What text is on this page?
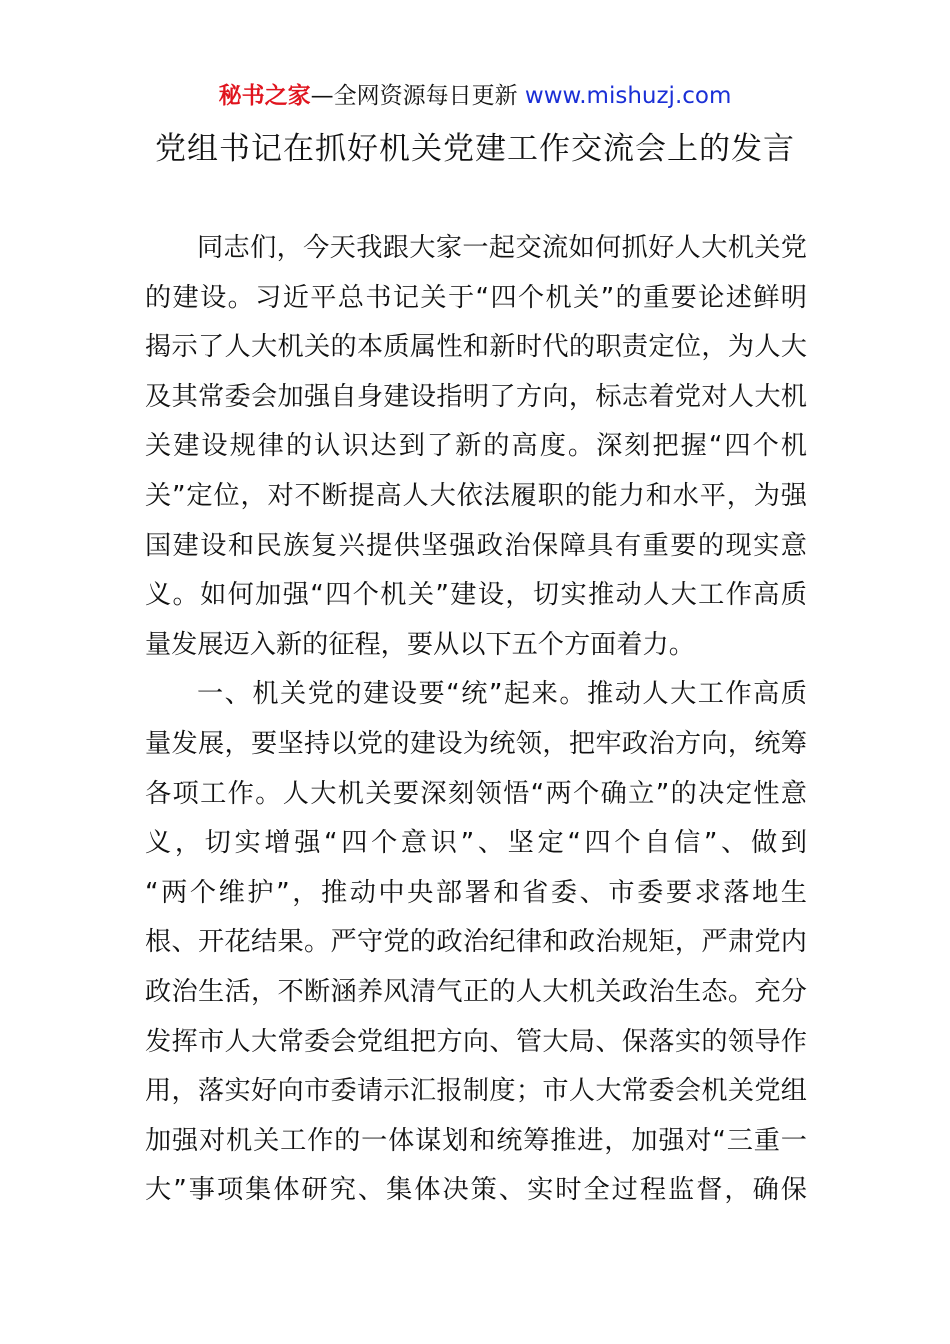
秘书之家—全网资源每日更新 www.mishuzj.com
党组书记在抓好机关党建工作交流会上的发言
同志们，今天我跟大家一起交流如何抓好人大机关党
的建设。习近平总书记关于“四个机关”的重要论述鲜明
揭示了人大机关的本质属性和新时代的职责定位，为人大
及其常委会加强自身建设指明了方向，标志着党对人大机
关建设规律的认识达到了新的高度。深刻把握“四个机
关”定位，对不断提高人大依法履职的能力和水平，为强
国建设和民族复兴提供坚强政治保障具有重要的现实意
义。如何加强“四个机关”建设，切实推动人大工作高质
量发展迈入新的征程，要从以下五个方面着力。
一、机关党的建设要“统”起来。推动人大工作高质
量发展，要坚持以党的建设为统领，把牢政治方向，统筹
各项工作。人大机关要深刻领悟“两个确立”的决定性意
义，切实增强“四个意识”、坚定“四个自信”、做到
“两个维护”，推动中央部署和省委、市委要求落地生
根、开花结果。严守党的政治纪律和政治规矩，严肃党内
政治生活，不断涵养风清气正的人大机关政治生态。充分
发挥市人大常委会党组把方向、管大局、保落实的领导作
用，落实好向市委请示汇报制度；市人大常委会机关党组
加强对机关工作的一体谋划和统筹推进，加强对“三重一
大”事项集体研究、集体决策、实时全过程监督，确保
